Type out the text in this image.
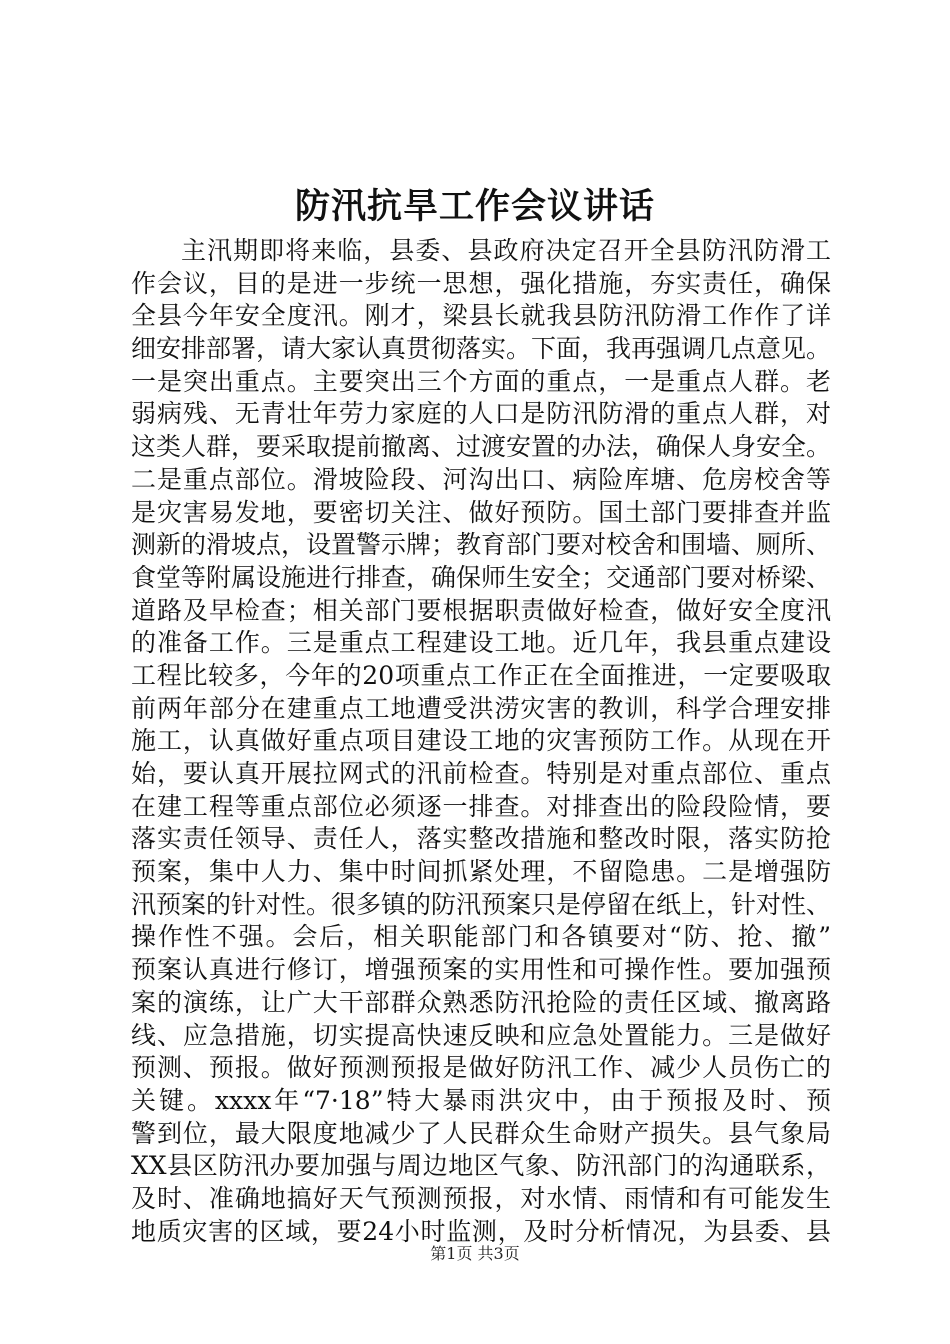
防汛抗旱工作会议讲话
主汛期即将来临，县委、县政府决定召开全县防汛防滑工
作会议，目的是进一步统一思想，强化措施，夯实责任，确保
全县今年安全度汛。刚才，梁县长就我县防汛防滑工作作了详
细安排部署，请大家认真贯彻落实。下面，我再强调几点意见。
一是突出重点。主要突出三个方面的重点，一是重点人群。老
弱病残、无青壮年劳力家庭的人口是防汛防滑的重点人群，对
这类人群，要采取提前撤离、过渡安置的办法，确保人身安全。
二是重点部位。滑坡险段、河沟出口、病险库塘、危房校舍等
是灾害易发地，要密切关注、做好预防。国土部门要排查并监
测新的滑坡点，设置警示牌；教育部门要对校舍和围墙、厕所、
食堂等附属设施进行排查，确保师生安全；交通部门要对桥梁、
道路及早检查；相关部门要根据职责做好检查，做好安全度汛
的准备工作。三是重点工程建设工地。近几年，我县重点建设
工程比较多，今年的20项重点工作正在全面推进，一定要吸取
前两年部分在建重点工地遭受洪涝灾害的教训，科学合理安排
施工，认真做好重点项目建设工地的灾害预防工作。从现在开
始，要认真开展拉网式的汛前检查。特别是对重点部位、重点
在建工程等重点部位必须逐一排查。对排查出的险段险情，要
落实责任领导、责任人，落实整改措施和整改时限，落实防抢
预案，集中人力、集中时间抓紧处理，不留隐患。二是增强防
汛预案的针对性。很多镇的防汛预案只是停留在纸上，针对性、
操作性不强。会后，相关职能部门和各镇要对“防、抢、撤”
预案认真进行修订，增强预案的实用性和可操作性。要加强预
案的演练，让广大干部群众熟悉防汛抢险的责任区域、撤离路
线、应急措施，切实提高快速反映和应急处置能力。三是做好
预测、预报。做好预测预报是做好防汛工作、减少人员伤亡的
关键。xxxx年“7·18”特大暴雨洪灾中，由于预报及时、预
警到位，最大限度地减少了人民群众生命财产损失。县气象局
XX县区防汛办要加强与周边地区气象、防汛部门的沟通联系，
及时、准确地搞好天气预测预报，对水情、雨情和有可能发生
地质灾害的区域，要24小时监测，及时分析情况，为县委、县
第1页 共3页
